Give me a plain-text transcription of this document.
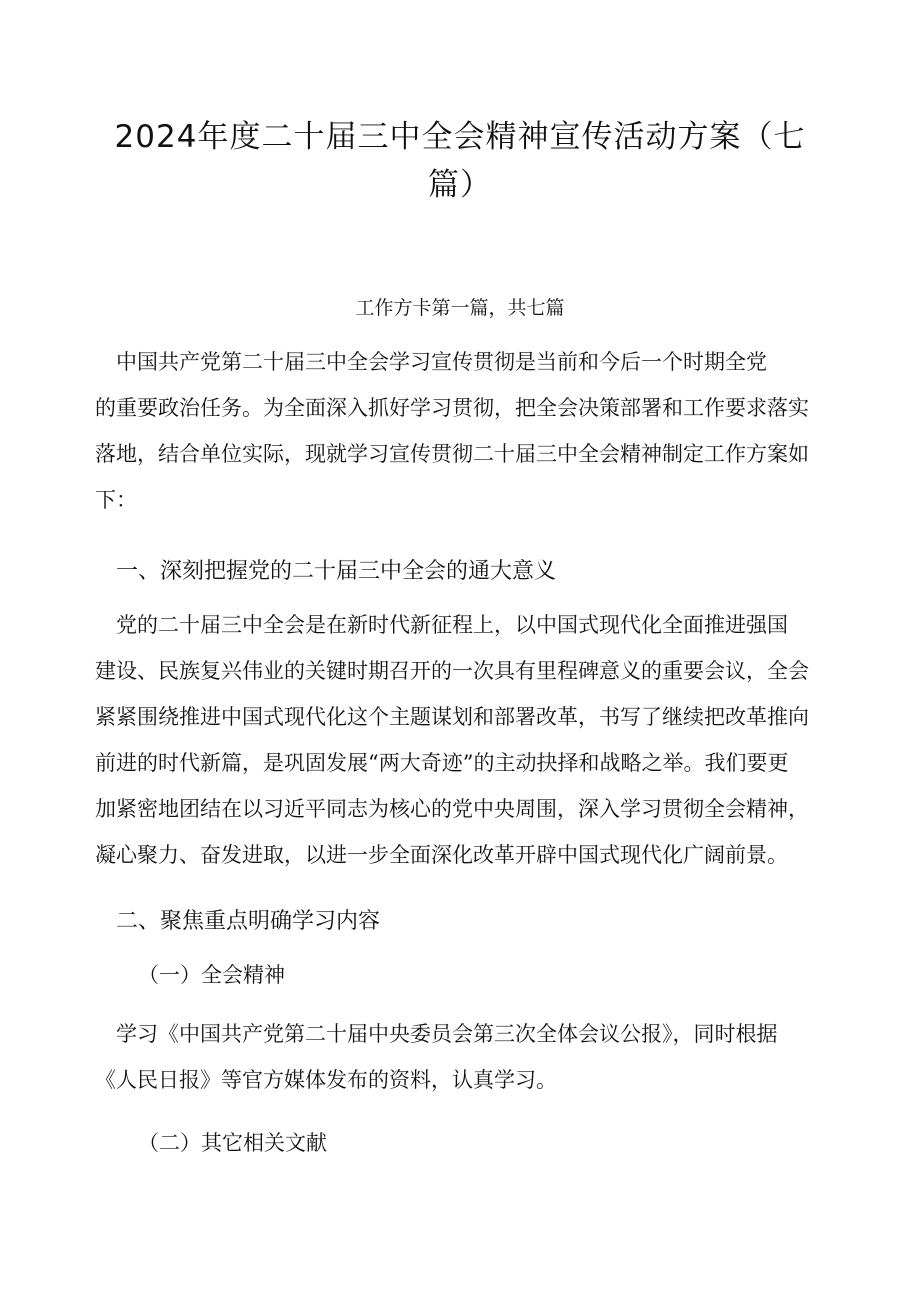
2024年度二十届三中全会精神宣传活动方案（七
篇）
工作方卡第一篇，共七篇
中国共产党第二十届三中全会学习宣传贯彻是当前和今后一个时期全党
的重要政治任务。为全面深入抓好学习贯彻，把全会决策部署和工作要求落实
落地，结合单位实际，现就学习宣传贯彻二十届三中全会精神制定工作方案如
下：
一、深刻把握党的二十届三中全会的通大意义
党的二十届三中全会是在新时代新征程上，以中国式现代化全面推进强国
建设、民族复兴伟业的关键时期召开的一次具有里程碑意义的重要会议，全会
紧紧围绕推进中国式现代化这个主题谋划和部署改革，书写了继续把改革推向
前进的时代新篇，是巩固发展“两大奇迹”的主动抉择和战略之举。我们要更
加紧密地团结在以习近平同志为核心的党中央周围，深入学习贯彻全会精神，
凝心聚力、奋发进取，以进一步全面深化改革开辟中国式现代化广阔前景。
二、聚焦重点明确学习内容
（一）全会精神
学习《中国共产党第二十届中央委员会第三次全体会议公报》，同时根据
《人民日报》等官方媒体发布的资料，认真学习。
（二）其它相关文献
